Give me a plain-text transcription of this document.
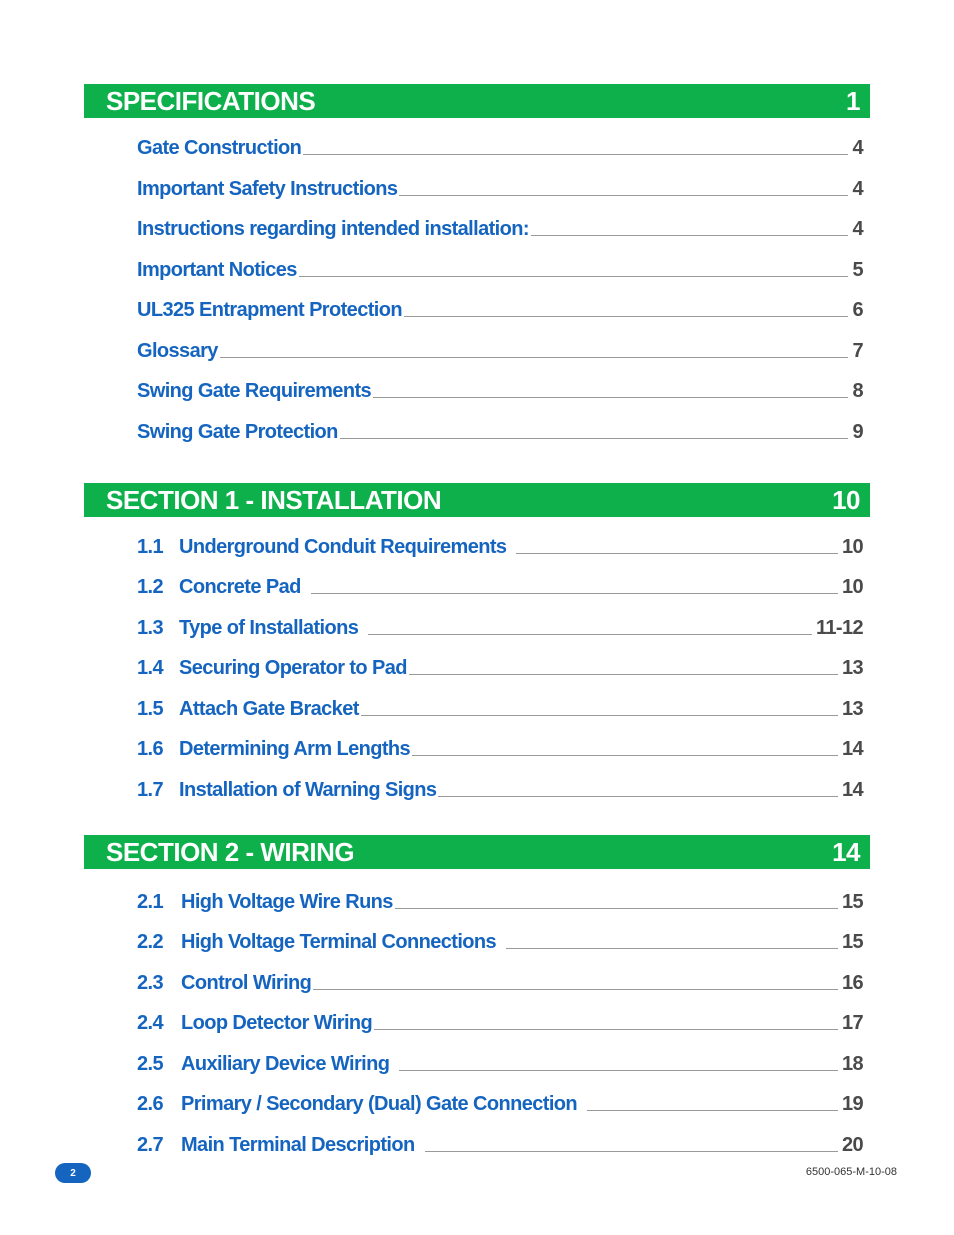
SPECIFICATIONS	1
Gate Construction	4
Important Safety Instructions	4
Instructions regarding intended installation:	4
Important Notices	5
UL325 Entrapment Protection	6
Glossary	7
Swing Gate Requirements	8
Swing Gate Protection	9
SECTION 1 - INSTALLATION	10
1.1 Underground Conduit Requirements	10
1.2 Concrete Pad	10
1.3 Type of Installations	11-12
1.4 Securing Operator to Pad	13
1.5 Attach Gate Bracket	13
1.6 Determining Arm Lengths	14
1.7 Installation of Warning Signs	14
SECTION 2 - WIRING	14
2.1 High Voltage Wire Runs	15
2.2 High Voltage Terminal Connections	15
2.3 Control Wiring	16
2.4 Loop Detector Wiring	17
2.5 Auxiliary Device Wiring	18
2.6 Primary / Secondary (Dual) Gate Connection	19
2.7 Main Terminal Description	20
2	6500-065-M-10-08
